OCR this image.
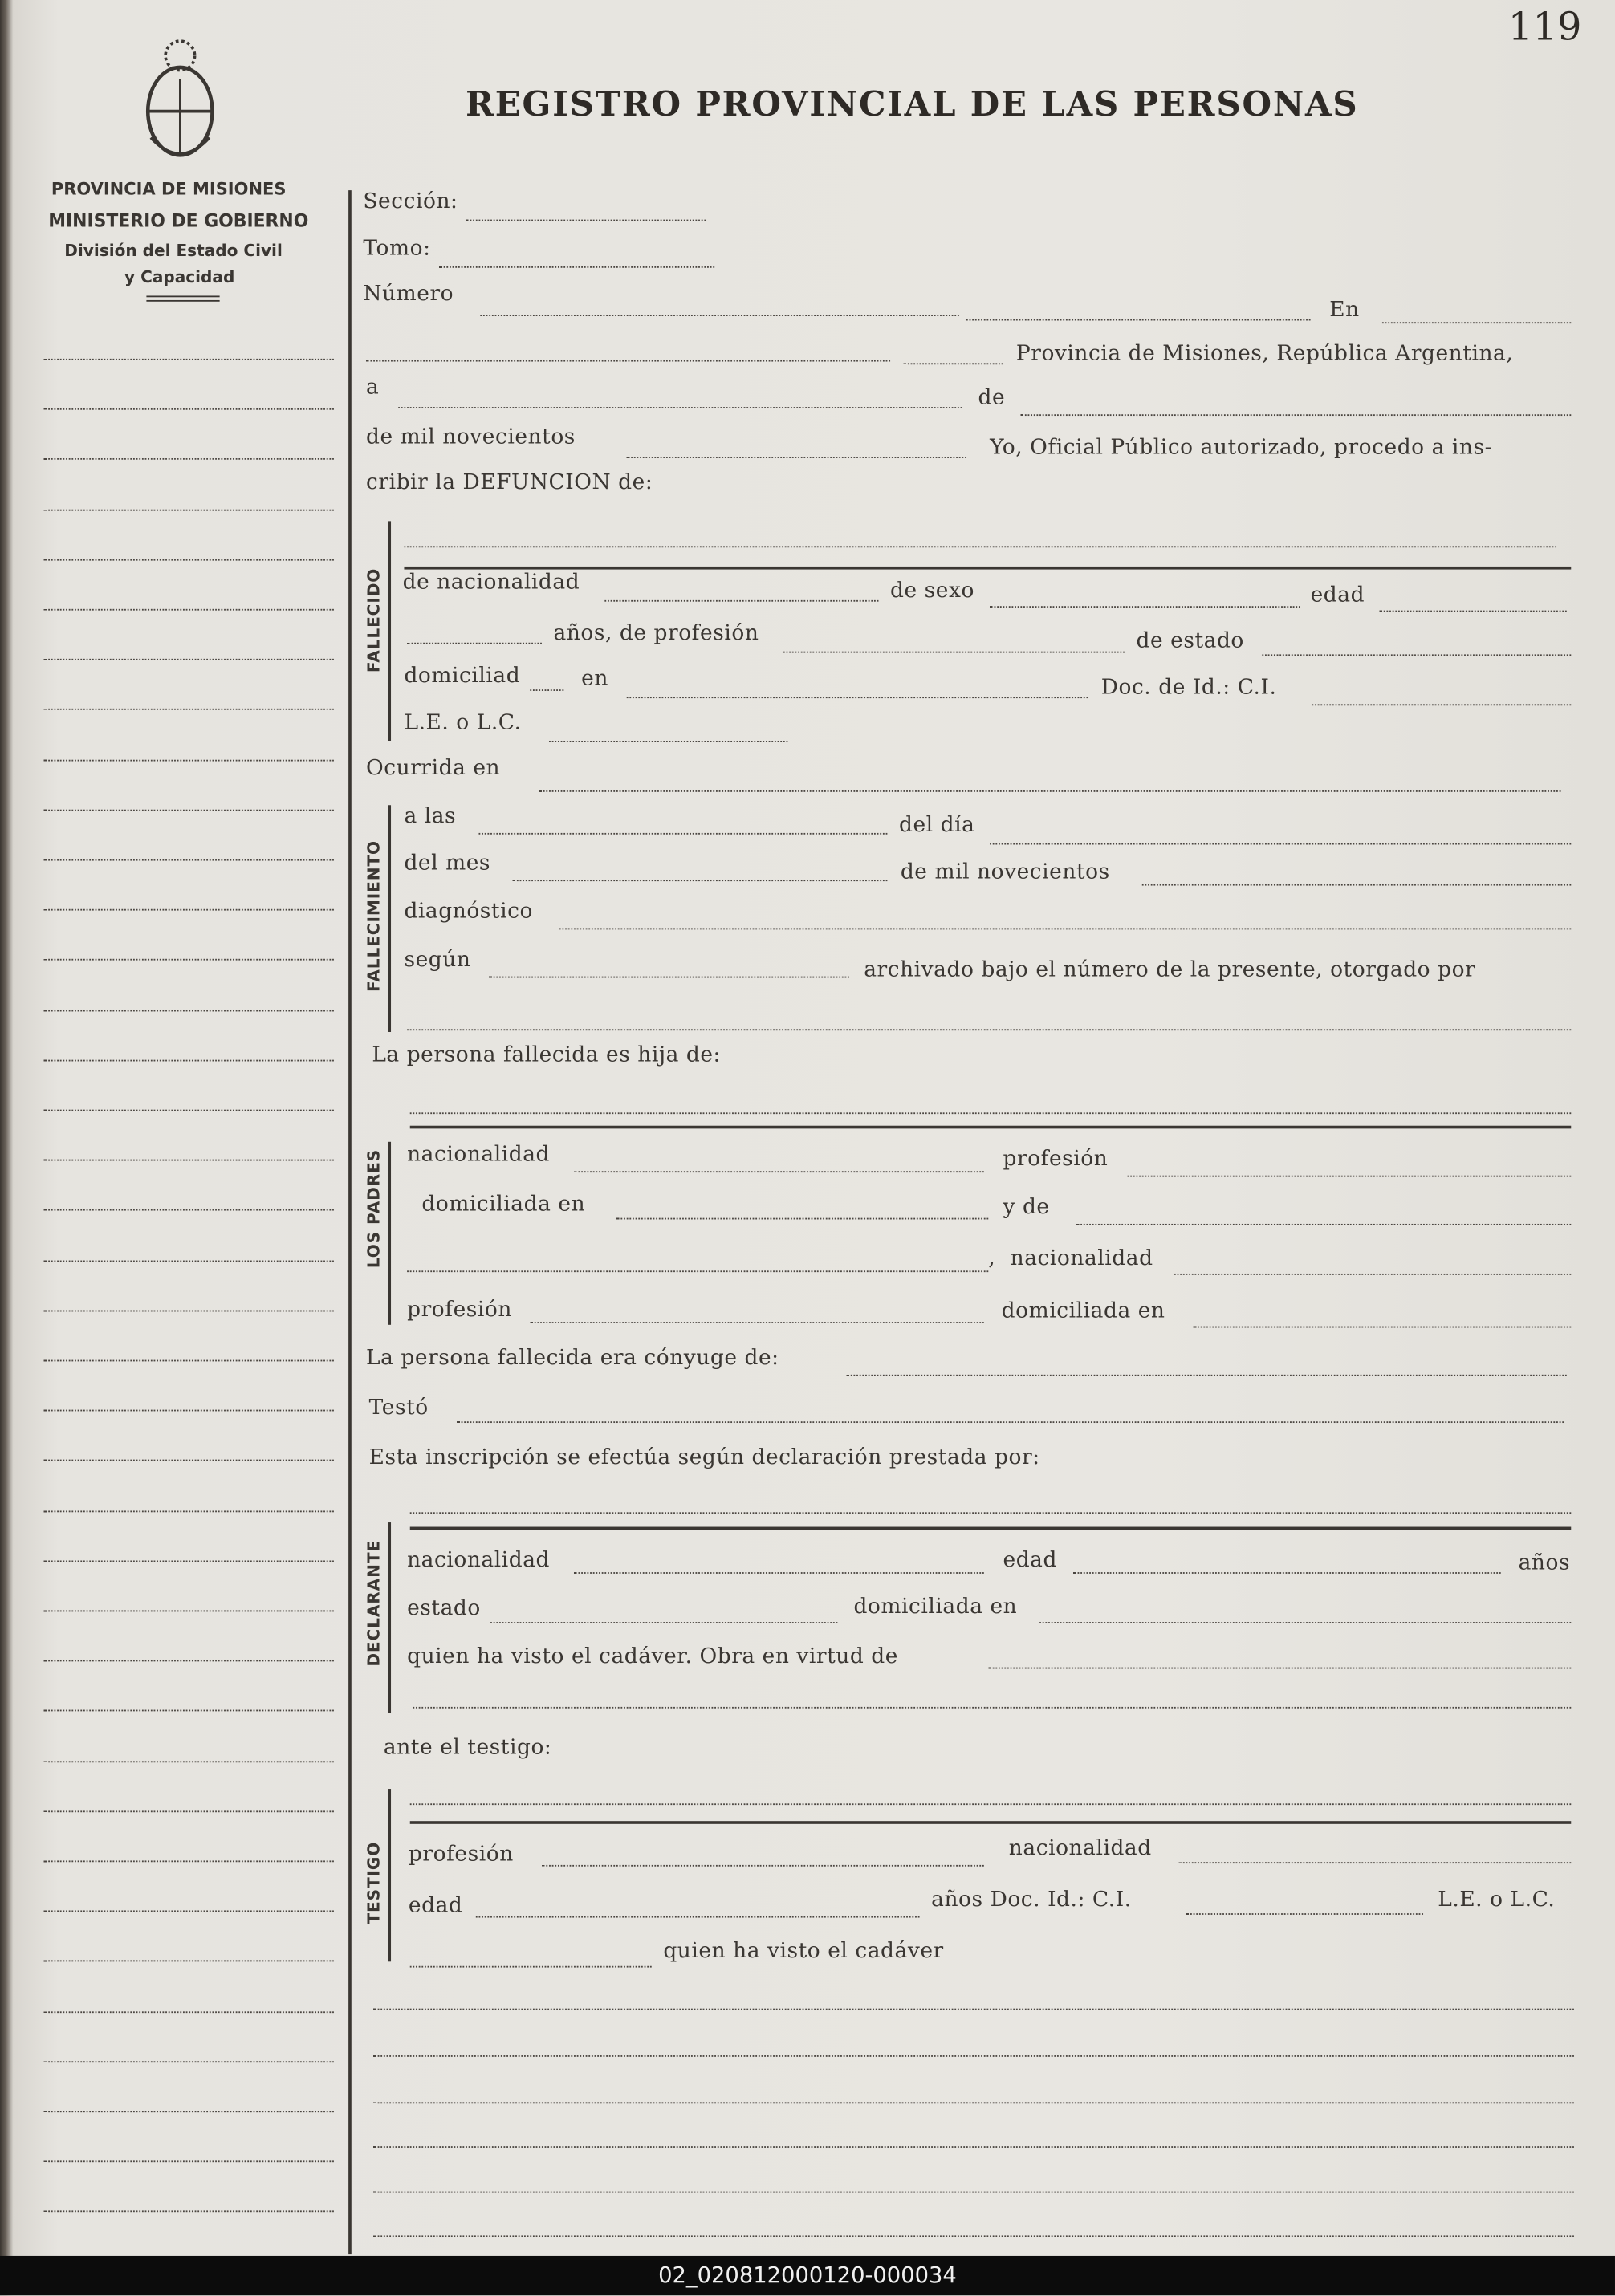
119
REGISTRO PROVINCIAL DE LAS PERSONAS
PROVINCIA DE MISIONES
MINISTERIO DE GOBIERNO
División del Estado Civil
y Capacidad
Sección:
Tomo:
Número
En
Provincia de Misiones, República Argentina,
a	de
de mil novecientos	Yo, Oficial Público autorizado, procedo a ins-
cribir la DEFUNCION de:
FALLECIDO de nacionalidad	de sexo	edad
años, de profesión	de estado
domiciliad	en	Doc. de Id.: C.I.
L.E. o L.C.
Ocurrida en
FALLECIMIENTO
a las	del día
del mes	de mil novecientos
diagnóstico
según	archivado bajo el número de la presente, otorgado por
La persona fallecida es hija de:
LOS PADRES nacionalidad	profesión
domiciliada en	y de
, nacionalidad
profesión	domiciliada en
La persona fallecida era cónyuge de:
Testó
Esta inscripción se efectúa según declaración prestada por:
DECLARANTE nacionalidad	edad	años
estado	domiciliada en
quien ha visto el cadáver. Obra en virtud de
ante el testigo:
TESTIGO profesión	nacionalidad
edad	años Doc. Id.: C.I.	L.E. o L.C.
quien ha visto el cadáver
02_020812000120-000034
